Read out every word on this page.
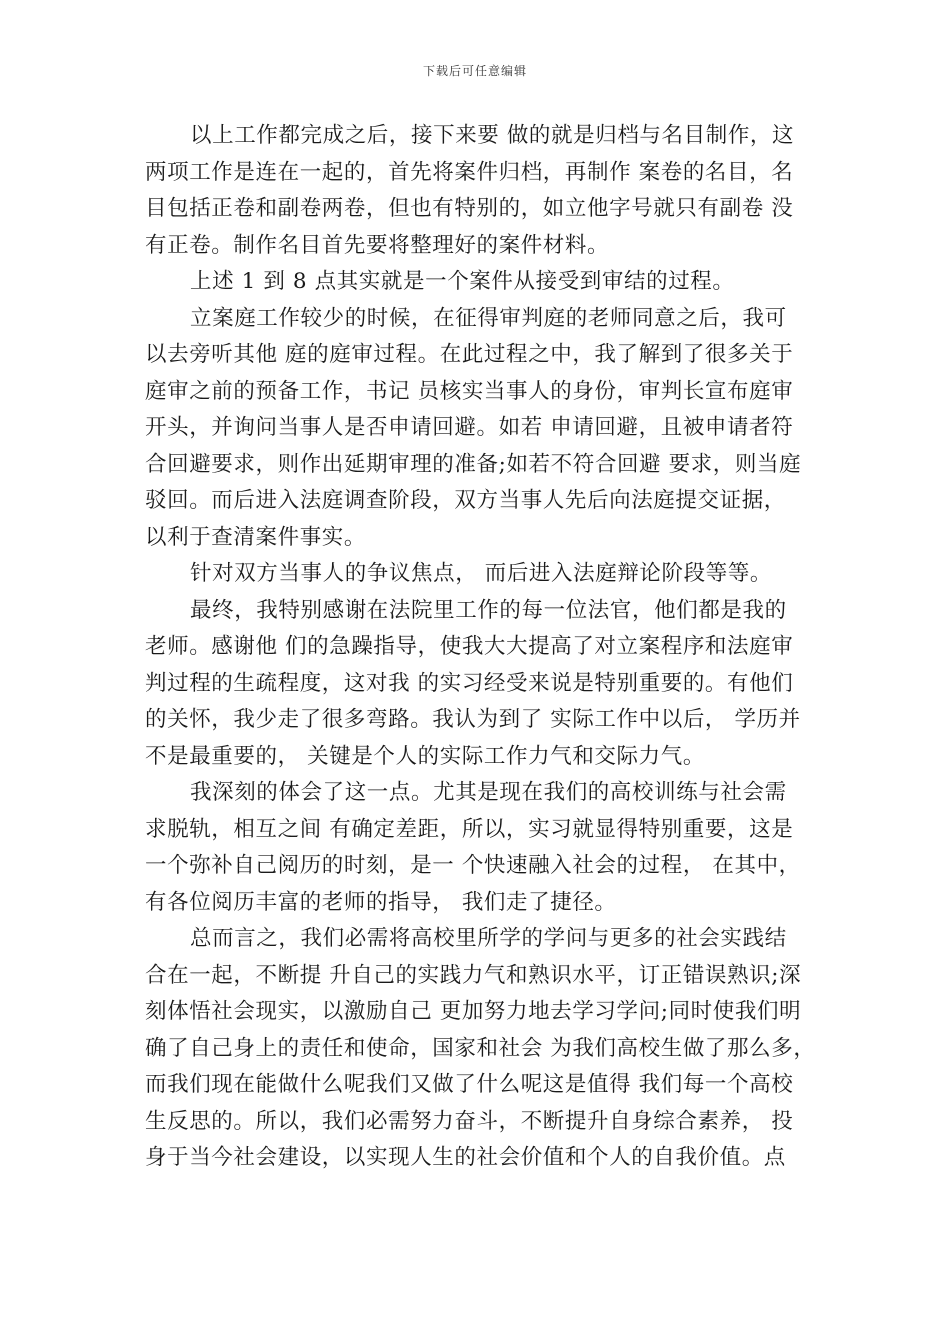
下载后可任意编辑
以上工作都完成之后，接下来要 做的就是归档与名目制作，这
两项工作是连在一起的，首先将案件归档，再制作 案卷的名目，名
目包括正卷和副卷两卷，但也有特别的，如立他字号就只有副卷 没
有正卷。制作名目首先要将整理好的案件材料。
上述 1 到 8 点其实就是一个案件从接受到审结的过程。
立案庭工作较少的时候，在征得审判庭的老师同意之后，我可
以去旁听其他 庭的庭审过程。在此过程之中，我了解到了很多关于
庭审之前的预备工作，书记 员核实当事人的身份，审判长宣布庭审
开头，并询问当事人是否申请回避。如若 申请回避，且被申请者符
合回避要求，则作出延期审理的准备;如若不符合回避 要求，则当庭
驳回。而后进入法庭调查阶段，双方当事人先后向法庭提交证据，
以利于查清案件事实。
针对双方当事人的争议焦点， 而后进入法庭辩论阶段等等。
最终，我特别感谢在法院里工作的每一位法官，他们都是我的
老师。感谢他 们的急躁指导，使我大大提高了对立案程序和法庭审
判过程的生疏程度，这对我 的实习经受来说是特别重要的。有他们
的关怀，我少走了很多弯路。我认为到了 实际工作中以后， 学历并
不是最重要的， 关键是个人的实际工作力气和交际力气。
我深刻的体会了这一点。尤其是现在我们的高校训练与社会需
求脱轨，相互之间 有确定差距，所以，实习就显得特别重要，这是
一个弥补自己阅历的时刻，是一 个快速融入社会的过程， 在其中，
有各位阅历丰富的老师的指导， 我们走了捷径。
总而言之，我们必需将高校里所学的学问与更多的社会实践结
合在一起，不断提 升自己的实践力气和熟识水平，订正错误熟识;深
刻体悟社会现实，以激励自己 更加努力地去学习学问;同时使我们明
确了自己身上的责任和使命，国家和社会 为我们高校生做了那么多，
而我们现在能做什么呢我们又做了什么呢这是值得 我们每一个高校
生反思的。所以，我们必需努力奋斗，不断提升自身综合素养， 投
身于当今社会建设，以实现人生的社会价值和个人的自我价值。点
